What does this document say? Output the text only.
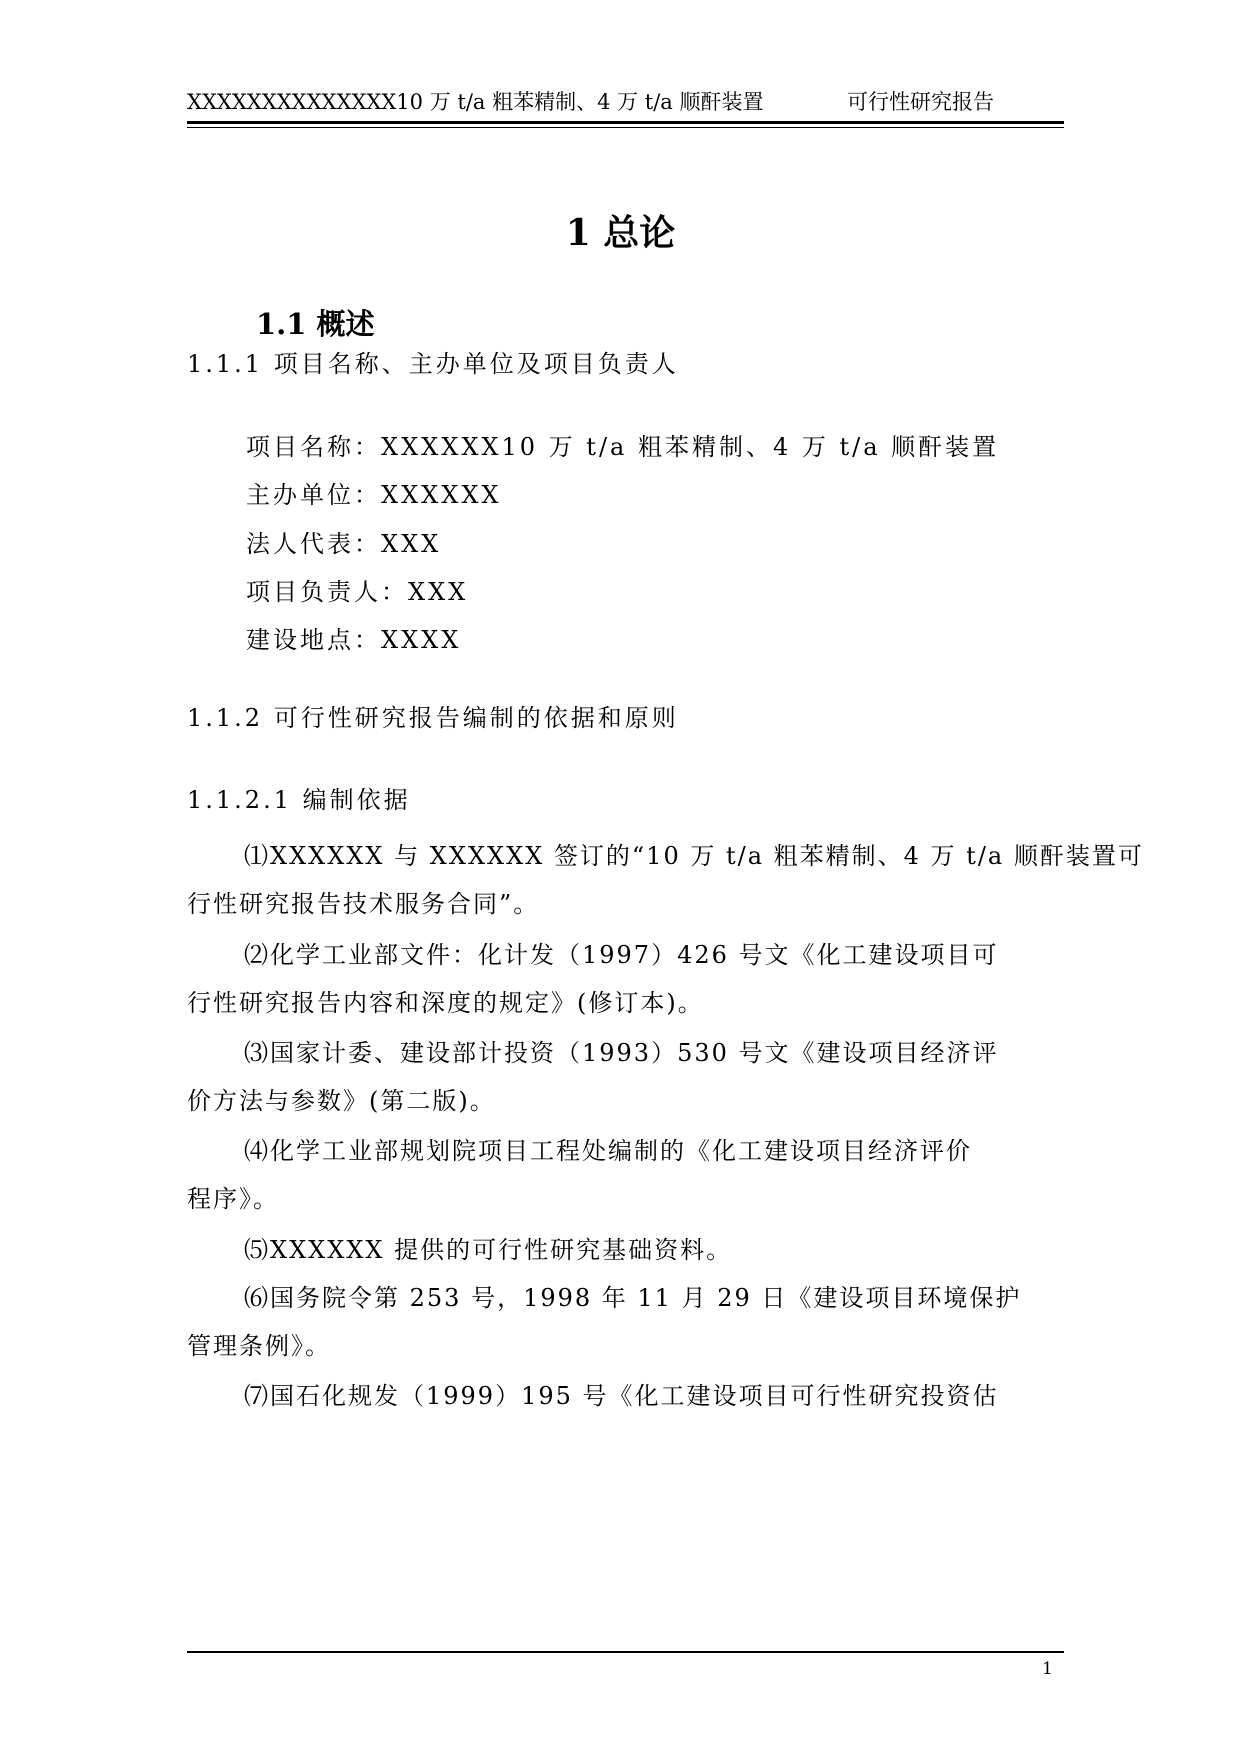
XXXXXXXXXXXXXX10 万 t/a 粗苯精制、4 万 t/a 顺酐装置	可行性研究报告
1 总论
1.1 概述
1.1.1 项目名称、主办单位及项目负责人
项目名称：XXXXXX10 万 t/a 粗苯精制、4 万 t/a 顺酐装置
主办单位：XXXXXX
法人代表：XXX
项目负责人：XXX
建设地点：XXXX
1.1.2 可行性研究报告编制的依据和原则
1.1.2.1 编制依据
⑴XXXXXX 与 XXXXXX 签订的“10 万 t/a 粗苯精制、4 万 t/a 顺酐装置可
行性研究报告技术服务合同”。
⑵化学工业部文件：化计发（1997）426 号文《化工建设项目可
行性研究报告内容和深度的规定》(修订本)。
⑶国家计委、建设部计投资（1993）530 号文《建设项目经济评
价方法与参数》(第二版)。
⑷化学工业部规划院项目工程处编制的《化工建设项目经济评价
程序》。
⑸XXXXXX 提供的可行性研究基础资料。
⑹国务院令第 253 号，1998 年 11 月 29 日《建设项目环境保护
管理条例》。
⑺国石化规发（1999）195 号《化工建设项目可行性研究投资估
1
